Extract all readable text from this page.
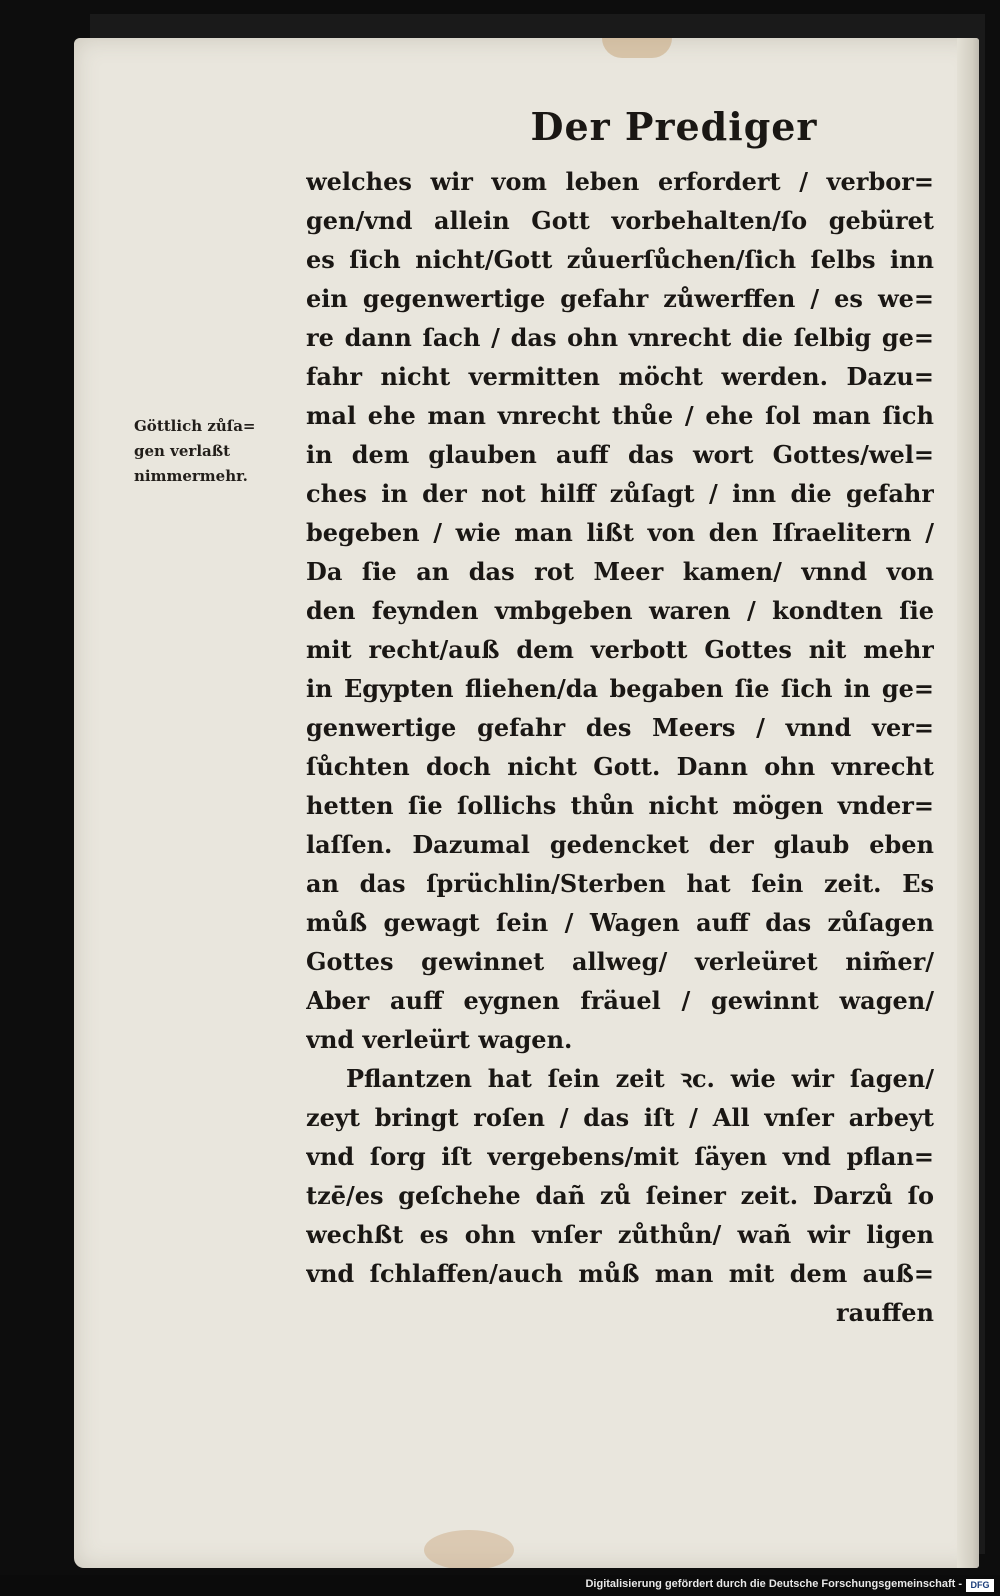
Der Prediger
Göttlich zůſa=
gen verlaßt
nimmermehr.
welches wir vom leben erfordert / verbor=
gen/vnd allein Gott vorbehalten/ſo gebüret
es ſich nicht/Gott zůuerſůchen/ſich ſelbs inn
ein gegenwertige gefahr zůwerffen / es we=
re dann ſach / das ohn vnrecht die ſelbig ge=
fahr nicht vermitten möcht werden. Dazu=
mal ehe man vnrecht thůe / ehe ſol man ſich
in dem glauben auff das wort Gottes/wel=
ches in der not hilff zůſagt / inn die gefahr
begeben / wie man lißt von den Iſraelitern /
Da ſie an das rot Meer kamen/ vnnd von
den feynden vmbgeben waren / kondten ſie
mit recht/auß dem verbott Gottes nit mehr
in Egypten fliehen/da begaben ſie ſich in ge=
genwertige gefahr des Meers / vnnd ver=
ſůchten doch nicht Gott. Dann ohn vnrecht
hetten ſie ſollichs thůn nicht mögen vnder=
laſſen. Dazumal gedencket der glaub eben
an das ſprüchlin/Sterben hat ſein zeit. Es
můß gewagt ſein / Wagen auff das zůſagen
Gottes gewinnet allweg/ verleüret nim̃er/
Aber auff eygnen fräuel / gewinnt wagen/
vnd verleürt wagen.
Pflantzen hat ſein zeit ꝛc. wie wir ſagen/
zeyt bringt roſen / das iſt / All vnſer arbeyt
vnd ſorg iſt vergebens/mit ſäyen vnd pflan=
tzē/es geſchehe dañ zů ſeiner zeit. Darzů ſo
wechßt es ohn vnſer zůthůn/ wañ wir ligen
vnd ſchlaffen/auch můß man mit dem auß=
rauffen
Digitalisierung gefördert durch die Deutsche Forschungsgemeinschaft - DFG
